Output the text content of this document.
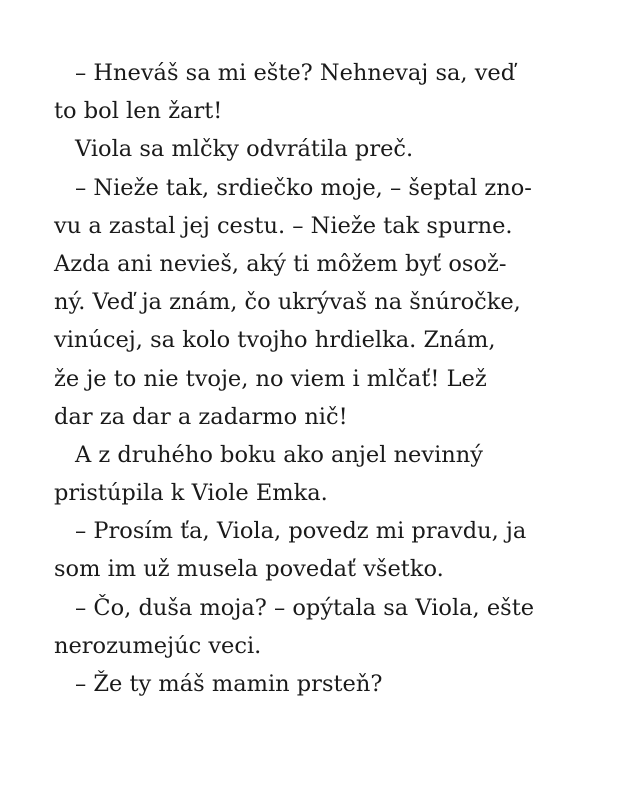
– Hneváš sa mi ešte? Nehnevaj sa, veď
to bol len žart!
Viola sa mlčky odvrátila preč.
– Nieže tak, srdiečko moje, – šeptal zno-
vu a zastal jej cestu. – Nieže tak spurne.
Azda ani nevieš, aký ti môžem byť osož-
ný. Veď ja znám, čo ukrývaš na šnúročke,
vinúcej, sa kolo tvojho hrdielka. Znám,
že je to nie tvoje, no viem i mlčať! Lež
dar za dar a zadarmo nič!
A z druhého boku ako anjel nevinný
pristúpila k Viole Emka.
– Prosím ťa, Viola, povedz mi pravdu, ja
som im už musela povedať všetko.
– Čo, duša moja? – opýtala sa Viola, ešte
nerozumejúc veci.
– Že ty máš mamin prsteň?
